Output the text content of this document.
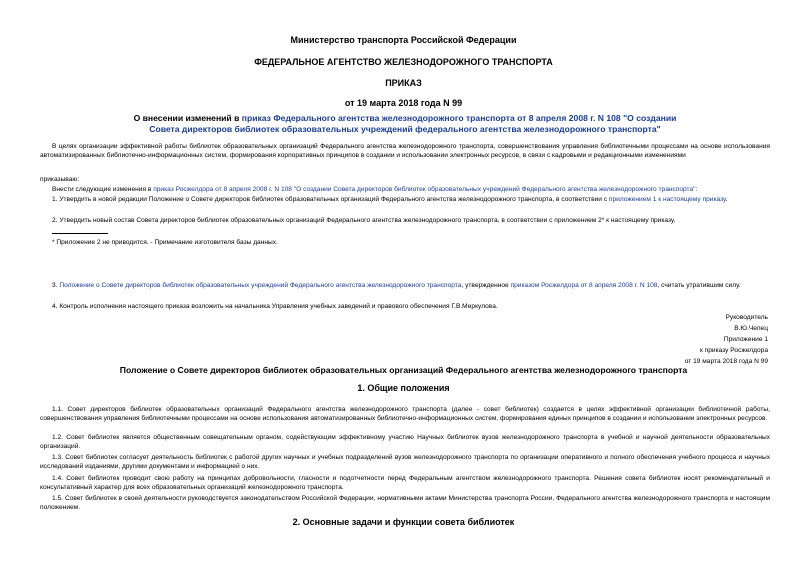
Министерство транспорта Российской Федерации
ФЕДЕРАЛЬНОЕ АГЕНТСТВО ЖЕЛЕЗНОДОРОЖНОГО ТРАНСПОРТА
ПРИКАЗ
от 19 марта 2018 года N 99
О внесении изменений в приказ Федерального агентства железнодорожного транспорта от 8 апреля 2008 г. N 108 "О создании Совета директоров библиотек образовательных учреждений федерального агентства железнодорожного транспорта"
В целях организации эффективной работы библиотек образовательных организаций Федерального агентства железнодорожного транспорта, совершенствования управления библиотечными процессами на основе использования автоматизированных библиотечно-информационных систем, формирования корпоративных принципов в создании и использовании электронных ресурсов, в связи с кадровыми и редакционными изменениями
приказываю:
Внести следующие изменения в приказ Росжелдора от 8 апреля 2008 г. N 108 "О создании Совета директоров библиотек образовательных учреждений Федерального агентства железнодорожного транспорта":
1. Утвердить в новой редакции Положение о Совете директоров библиотек образовательных организаций Федерального агентства железнодорожного транспорта, в соответствии с приложением 1 к настоящему приказу.
2. Утвердить новый состав Совета директоров библиотек образовательных организаций Федерального агентства железнодорожного транспорта, в соответствии с приложением 2* к настоящему приказу.
* Приложение 2 не приводится. - Примечание изготовителя базы данных.
3. Положение о Совете директоров библиотек образовательных учреждений Федерального агентства железнодорожного транспорта, утвержденное приказом Росжелдора от 8 апреля 2008 г. N 108, считать утратившим силу.
4. Контроль исполнения настоящего приказа возложить на начальника Управления учебных заведений и правового обеспечения Г.В.Меркулова.
Руководитель
В.Ю.Чепец
Приложение 1
к приказу Росжелдора
от 19 марта 2018 года N 99
Положение о Совете директоров библиотек образовательных организаций Федерального агентства железнодорожного транспорта
1. Общие положения
1.1. Совет директоров библиотек образовательных организаций Федерального агентства железнодорожного транспорта (далее - совет библиотек) создается в целях эффективной организации библиотечной работы, совершенствования управления библиотечными процессами на основе использования автоматизированных библиотечно-информационных систем, формирования единых принципов в создании и использовании электронных ресурсов.
1.2. Совет библиотек является общественным совещательным органом, содействующим эффективному участию Научных библиотек вузов железнодорожного транспорта в учебной и научной деятельности образовательных организаций.
1.3. Совет библиотек согласует деятельность библиотек с работой других научных и учебных подразделений вузов железнодорожного транспорта по организации оперативного и полного обеспечения учебного процесса и научных исследований изданиями, другими документами и информацией о них.
1.4. Совет библиотек проводит свою работу на принципах добровольности, гласности и подотчетности перед Федеральным агентством железнодорожного транспорта. Решения совета библиотек носят рекомендательный и консультативный характер для всех образовательных организаций железнодорожного транспорта.
1.5. Совет библиотек в своей деятельности руководствуется законодательством Российской Федерации, нормативными актами Министерства транспорта России, Федерального агентства железнодорожного транспорта и настоящим положением.
2. Основные задачи и функции совета библиотек
